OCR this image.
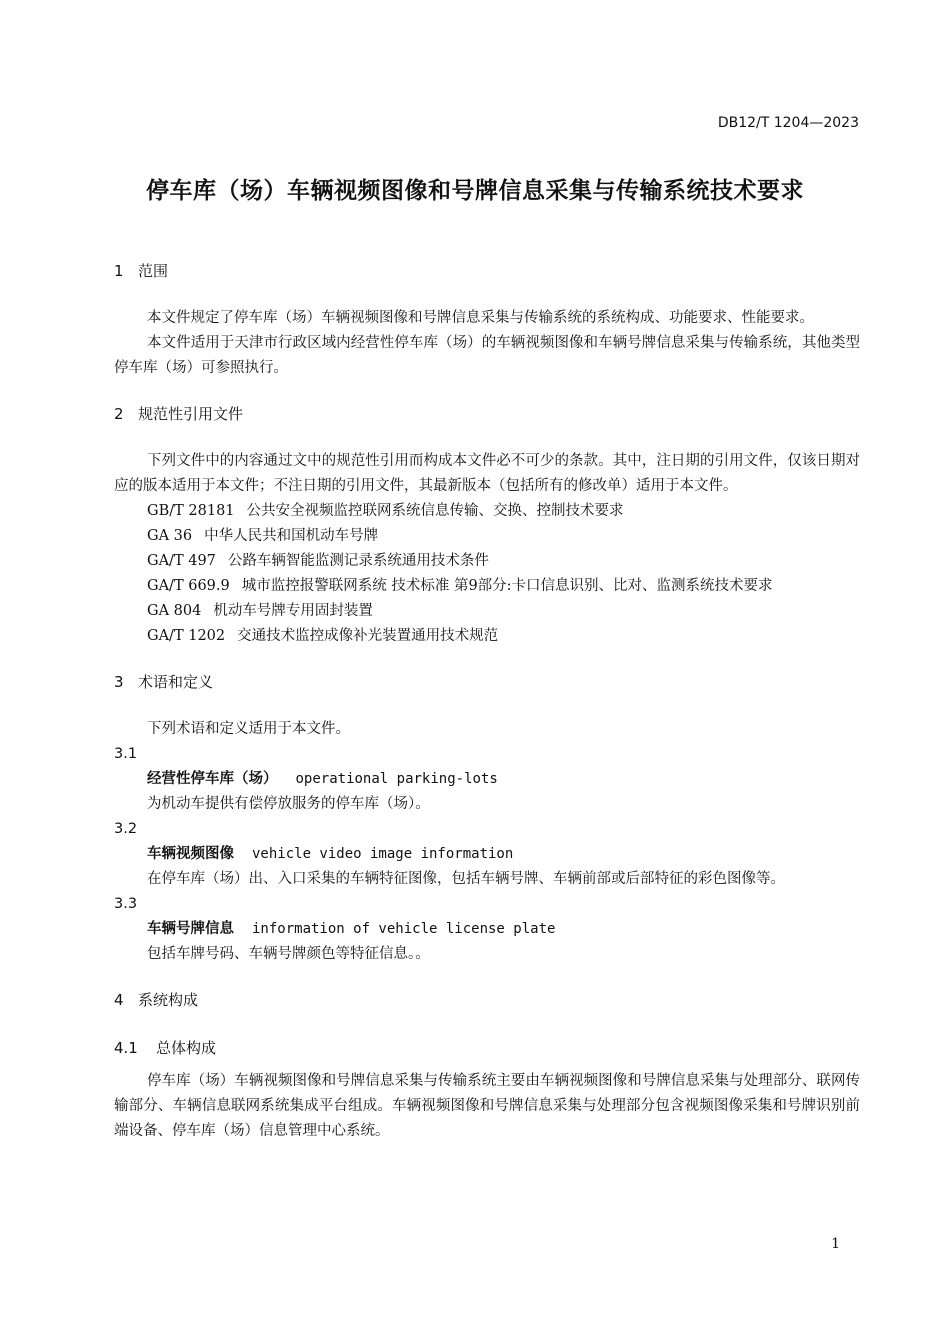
DB12/T 1204—2023
停车库（场）车辆视频图像和号牌信息采集与传输系统技术要求
1 范围

本文件规定了停车库（场）车辆视频图像和号牌信息采集与传输系统的系统构成、功能要求、性能要求。

本文件适用于天津市行政区域内经营性停车库（场）的车辆视频图像和车辆号牌信息采集与传输系统，其他类型停车库（场）可参照执行。

2 规范性引用文件

下列文件中的内容通过文中的规范性引用而构成本文件必不可少的条款。其中，注日期的引用文件，仅该日期对应的版本适用于本文件；不注日期的引用文件，其最新版本（包括所有的修改单）适用于本文件。

GB/T 28181 公共安全视频监控联网系统信息传输、交换、控制技术要求
GA 36 中华人民共和国机动车号牌
GA/T 497 公路车辆智能监测记录系统通用技术条件
GA/T 669.9 城市监控报警联网系统 技术标准 第9部分:卡口信息识别、比对、监测系统技术要求
GA 804 机动车号牌专用固封装置
GA/T 1202 交通技术监控成像补光装置通用技术规范
3 术语和定义

下列术语和定义适用于本文件。

3.1
经营性停车库（场） operational parking-lots

为机动车提供有偿停放服务的停车库（场）。

3.2
车辆视频图像 vehicle video image information

在停车库（场）出、入口采集的车辆特征图像，包括车辆号牌、车辆前部或后部特征的彩色图像等。

3.3
车辆号牌信息 information of vehicle license plate

包括车牌号码、车辆号牌颜色等特征信息。。

4 系统构成
4.1 总体构成

停车库（场）车辆视频图像和号牌信息采集与传输系统主要由车辆视频图像和号牌信息采集与处理部分、联网传输部分、车辆信息联网系统集成平台组成。车辆视频图像和号牌信息采集与处理部分包含视频图像采集和号牌识别前端设备、停车库（场）信息管理中心系统。

1
